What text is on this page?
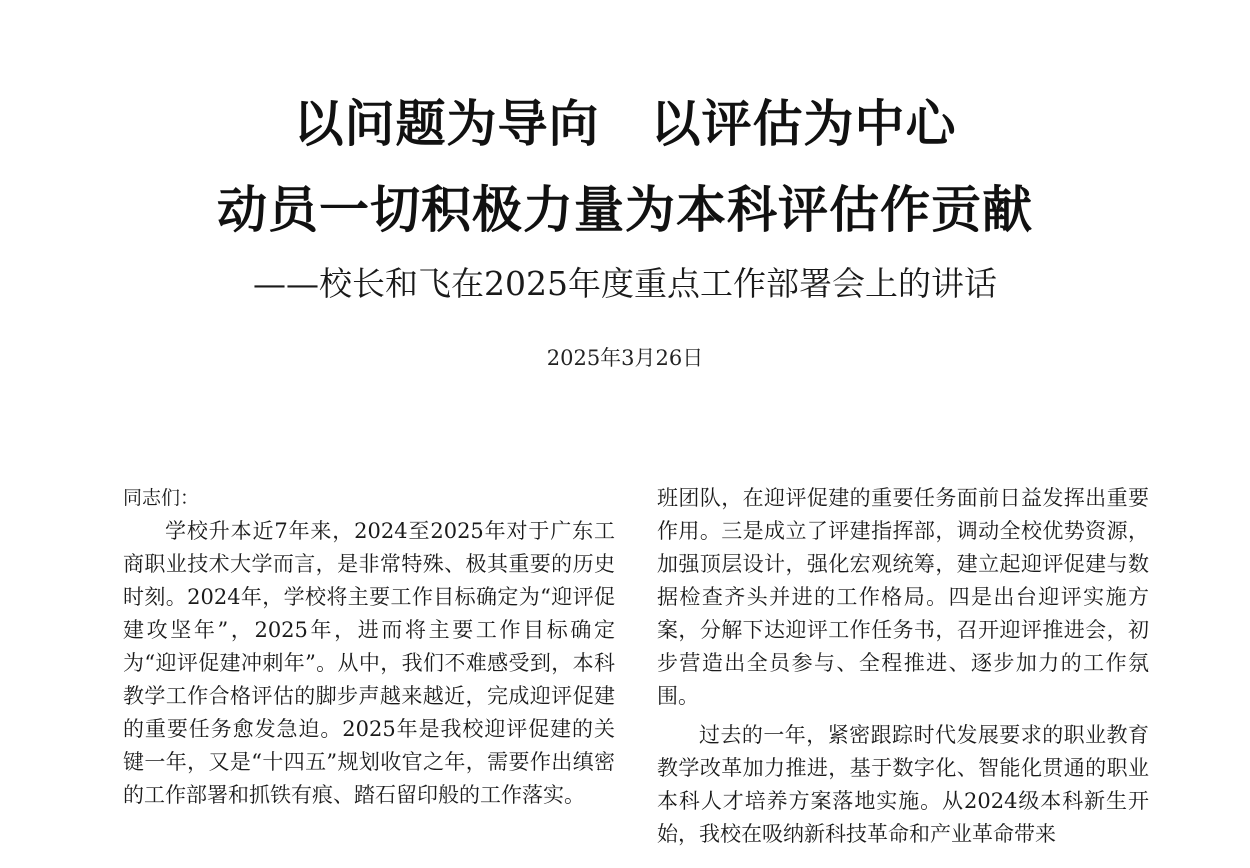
以问题为导向　以评估为中心
动员一切积极力量为本科评估作贡献
——校长和飞在2025年度重点工作部署会上的讲话
2025年3月26日

同志们：

学校升本近7年来，2024至2025年对于广东工商职业技术大学而言，是非常特殊、极其重要的历史时刻。2024年，学校将主要工作目标确定为“迎评促建攻坚年”，2025年，进而将主要工作目标确定为“迎评促建冲刺年”。从中，我们不难感受到，本科教学工作合格评估的脚步声越来越近，完成迎评促建的重要任务愈发急迫。2025年是我校迎评促建的关键一年，又是“十四五”规划收官之年，需要作出缜密的工作部署和抓铁有痕、踏石留印般的工作落实。

班团队，在迎评促建的重要任务面前日益发挥出重要作用。三是成立了评建指挥部，调动全校优势资源，加强顶层设计，强化宏观统筹，建立起迎评促建与数据检查齐头并进的工作格局。四是出台迎评实施方案，分解下达迎评工作任务书，召开迎评推进会，初步营造出全员参与、全程推进、逐步加力的工作氛围。

过去的一年，紧密跟踪时代发展要求的职业教育教学改革加力推进，基于数字化、智能化贯通的职业本科人才培养方案落地实施。从2024级本科新生开始，我校在吸纳新科技革命和产业革命带来
